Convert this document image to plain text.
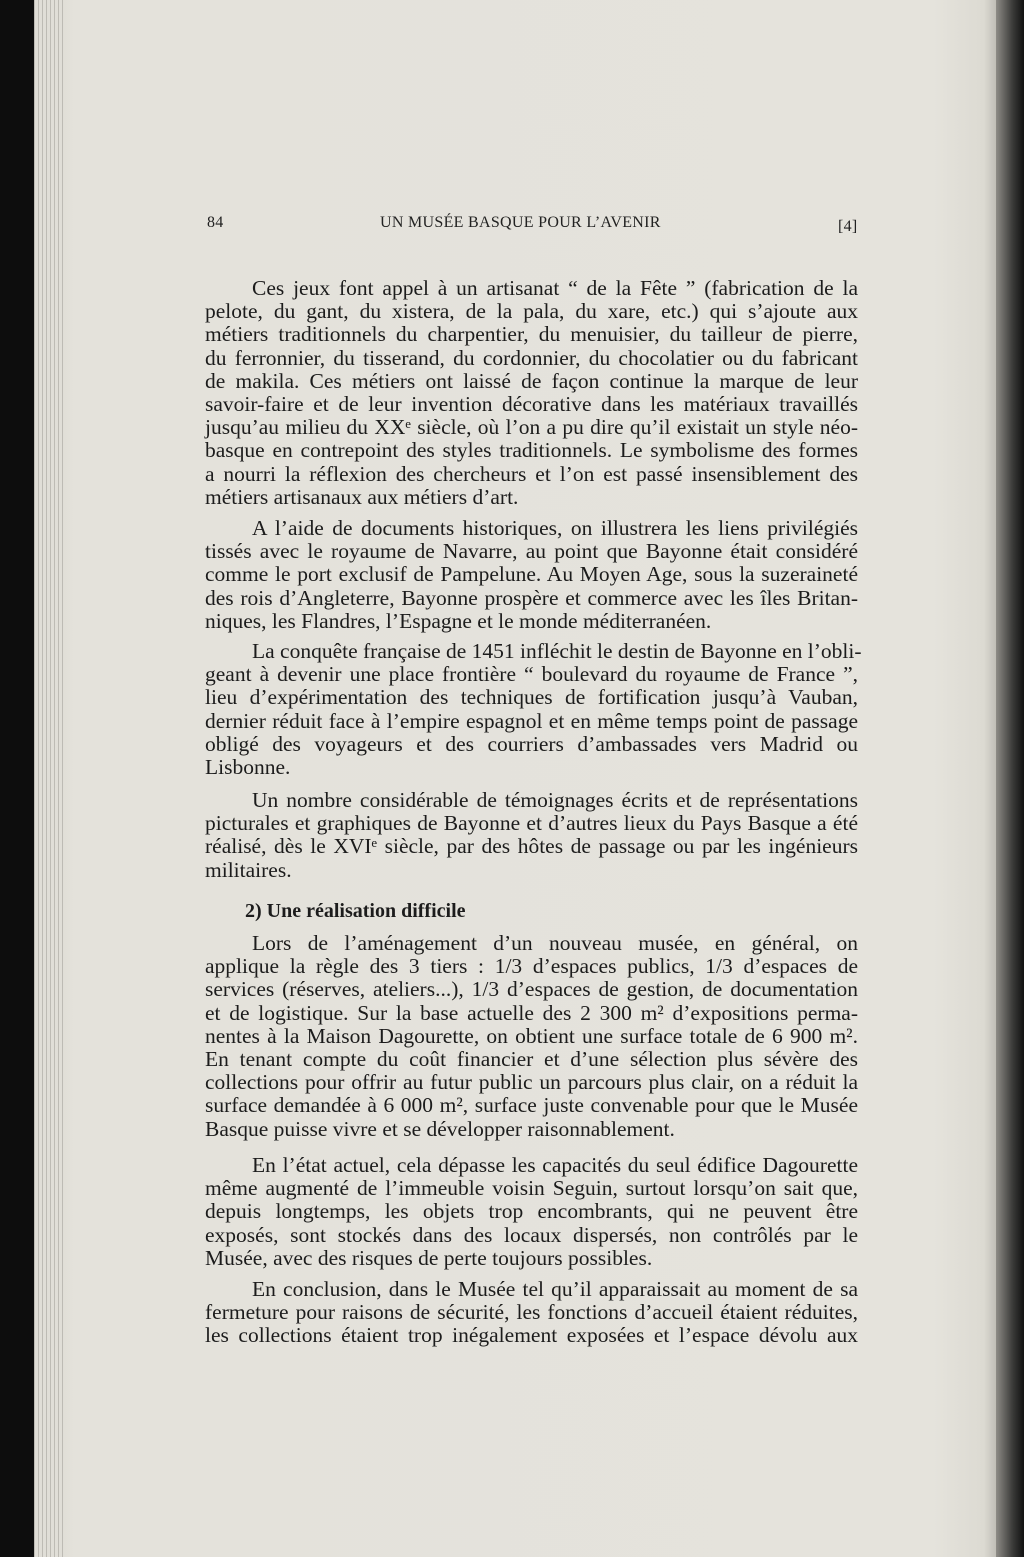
84	UN MUSÉE BASQUE POUR L’AVENIR	[4]
Ces jeux font appel à un artisanat “ de la Fête ” (fabrication de la
pelote, du gant, du xistera, de la pala, du xare, etc.) qui s’ajoute aux
métiers traditionnels du charpentier, du menuisier, du tailleur de pierre,
du ferronnier, du tisserand, du cordonnier, du chocolatier ou du fabricant
de makila. Ces métiers ont laissé de façon continue la marque de leur
savoir-faire et de leur invention décorative dans les matériaux travaillés
jusqu’au milieu du XXᵉ siècle, où l’on a pu dire qu’il existait un style néo-
basque en contrepoint des styles traditionnels. Le symbolisme des formes
a nourri la réflexion des chercheurs et l’on est passé insensiblement des
métiers artisanaux aux métiers d’art.
A l’aide de documents historiques, on illustrera les liens privilégiés
tissés avec le royaume de Navarre, au point que Bayonne était considéré
comme le port exclusif de Pampelune. Au Moyen Age, sous la suzeraineté
des rois d’Angleterre, Bayonne prospère et commerce avec les îles Britan-
niques, les Flandres, l’Espagne et le monde méditerranéen.
La conquête française de 1451 infléchit le destin de Bayonne en l’obli-
geant à devenir une place frontière “ boulevard du royaume de France ”,
lieu d’expérimentation des techniques de fortification jusqu’à Vauban,
dernier réduit face à l’empire espagnol et en même temps point de passage
obligé des voyageurs et des courriers d’ambassades vers Madrid ou
Lisbonne.
Un nombre considérable de témoignages écrits et de représentations
picturales et graphiques de Bayonne et d’autres lieux du Pays Basque a été
réalisé, dès le XVIᵉ siècle, par des hôtes de passage ou par les ingénieurs
militaires.
2) Une réalisation difficile
Lors de l’aménagement d’un nouveau musée, en général, on
applique la règle des 3 tiers : 1/3 d’espaces publics, 1/3 d’espaces de
services (réserves, ateliers...), 1/3 d’espaces de gestion, de documentation
et de logistique. Sur la base actuelle des 2 300 m² d’expositions perma-
nentes à la Maison Dagourette, on obtient une surface totale de 6 900 m².
En tenant compte du coût financier et d’une sélection plus sévère des
collections pour offrir au futur public un parcours plus clair, on a réduit la
surface demandée à 6 000 m², surface juste convenable pour que le Musée
Basque puisse vivre et se développer raisonnablement.
En l’état actuel, cela dépasse les capacités du seul édifice Dagourette
même augmenté de l’immeuble voisin Seguin, surtout lorsqu’on sait que,
depuis longtemps, les objets trop encombrants, qui ne peuvent être
exposés, sont stockés dans des locaux dispersés, non contrôlés par le
Musée, avec des risques de perte toujours possibles.
En conclusion, dans le Musée tel qu’il apparaissait au moment de sa
fermeture pour raisons de sécurité, les fonctions d’accueil étaient réduites,
les collections étaient trop inégalement exposées et l’espace dévolu aux
